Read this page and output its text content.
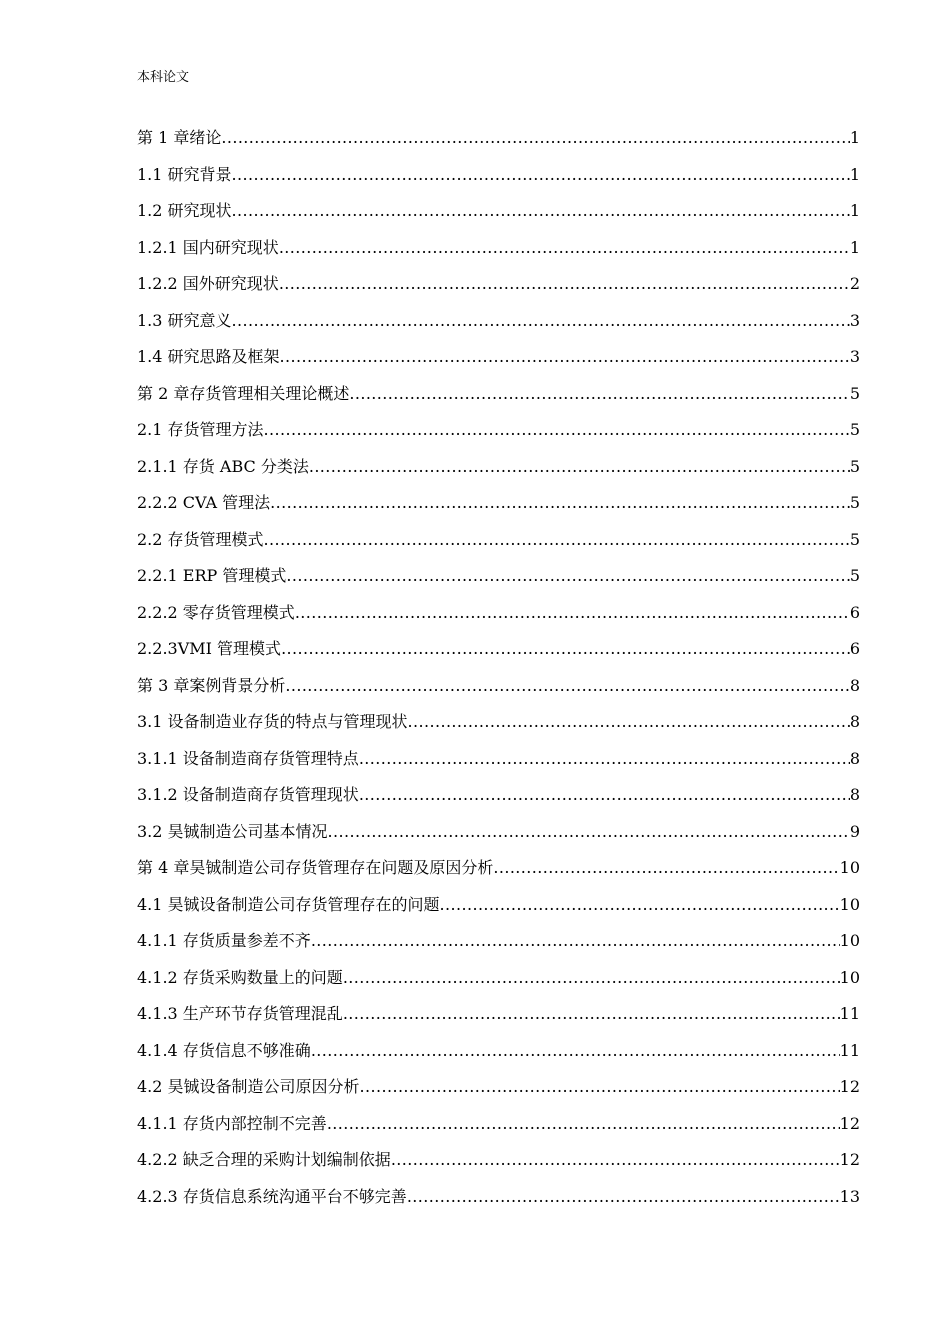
本科论文
第 1 章绪论 .....	1
1.1 研究背景 .....	1
1.2 研究现状 .....	1
1.2.1 国内研究现状 .....	1
1.2.2 国外研究现状 .....	2
1.3 研究意义 .....	3
1.4 研究思路及框架 .....	3
第 2 章存货管理相关理论概述 .....	5
2.1 存货管理方法 .....	5
2.1.1 存货 ABC 分类法 .....	5
2.2.2 CVA 管理法 .....	5
2.2 存货管理模式 .....	5
2.2.1 ERP 管理模式 .....	5
2.2.2 零存货管理模式 .....	6
2.2.3VMI 管理模式 .....	6
第 3 章案例背景分析 .....	8
3.1 设备制造业存货的特点与管理现状 .....	8
3.1.1 设备制造商存货管理特点 .....	8
3.1.2 设备制造商存货管理现状 .....	8
3.2 昊铖制造公司基本情况 .....	9
第 4 章昊铖制造公司存货管理存在问题及原因分析 .....	10
4.1 昊铖设备制造公司存货管理存在的问题 .....	10
4.1.1 存货质量参差不齐 .....	10
4.1.2 存货采购数量上的问题 .....	10
4.1.3 生产环节存货管理混乱 .....	11
4.1.4 存货信息不够准确 .....	11
4.2 昊铖设备制造公司原因分析 .....	12
4.1.1 存货内部控制不完善 .....	12
4.2.2 缺乏合理的采购计划编制依据 .....	12
4.2.3 存货信息系统沟通平台不够完善 .....	13
